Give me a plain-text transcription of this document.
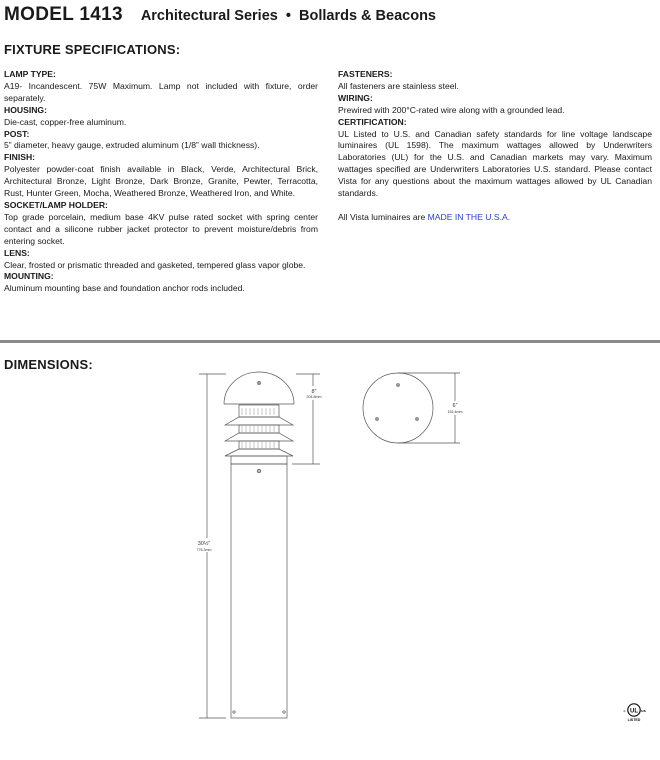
MODEL 1413 Architectural Series  •  Bollards & Beacons
FIXTURE SPECIFICATIONS:

LAMP TYPE:

A19- Incandescent. 75W Maximum. Lamp not included with fixture, order separately.

HOUSING:

Die-cast, copper-free aluminum.

POST:

5” diameter, heavy gauge, extruded aluminum (1/8” wall thickness).

FINISH:

Polyester powder-coat finish available in Black, Verde, Architectural Brick, Architectural Bronze, Light Bronze, Dark Bronze, Granite, Pewter, Terracotta, Rust, Hunter Green, Mocha, Weathered Bronze, Weathered Iron, and White.

SOCKET/LAMP HOLDER:

Top grade porcelain, medium base 4KV pulse rated socket with spring center contact and a silicone rubber jacket protector to prevent moisture/debris from entering socket.

LENS:

Clear, frosted or prismatic threaded and gasketed, tempered glass vapor globe.

MOUNTING:

Aluminum mounting base and foundation anchor rods included.

FASTENERS:

All fasteners are stainless steel.

WIRING:

Prewired with 200°C-rated wire along with a grounded lead.

CERTIFICATION:

UL Listed to U.S. and Canadian safety standards for line voltage landscape luminaires (UL 1598). The maximum wattages allowed by Underwriters Laboratories (UL) for the U.S. and Canadian markets may vary. Maximum wattages specified are Underwriters Laboratories U.S. standard. Please contact Vista for any questions about the maximum wattages allowed by UL Canadian standards.

All Vista luminaires are MADE IN THE U.S.A.

DIMENSIONS:
30½”
776.3mm
8”
204.8mm
6”
152.4mm
UL
c	us
LISTED
